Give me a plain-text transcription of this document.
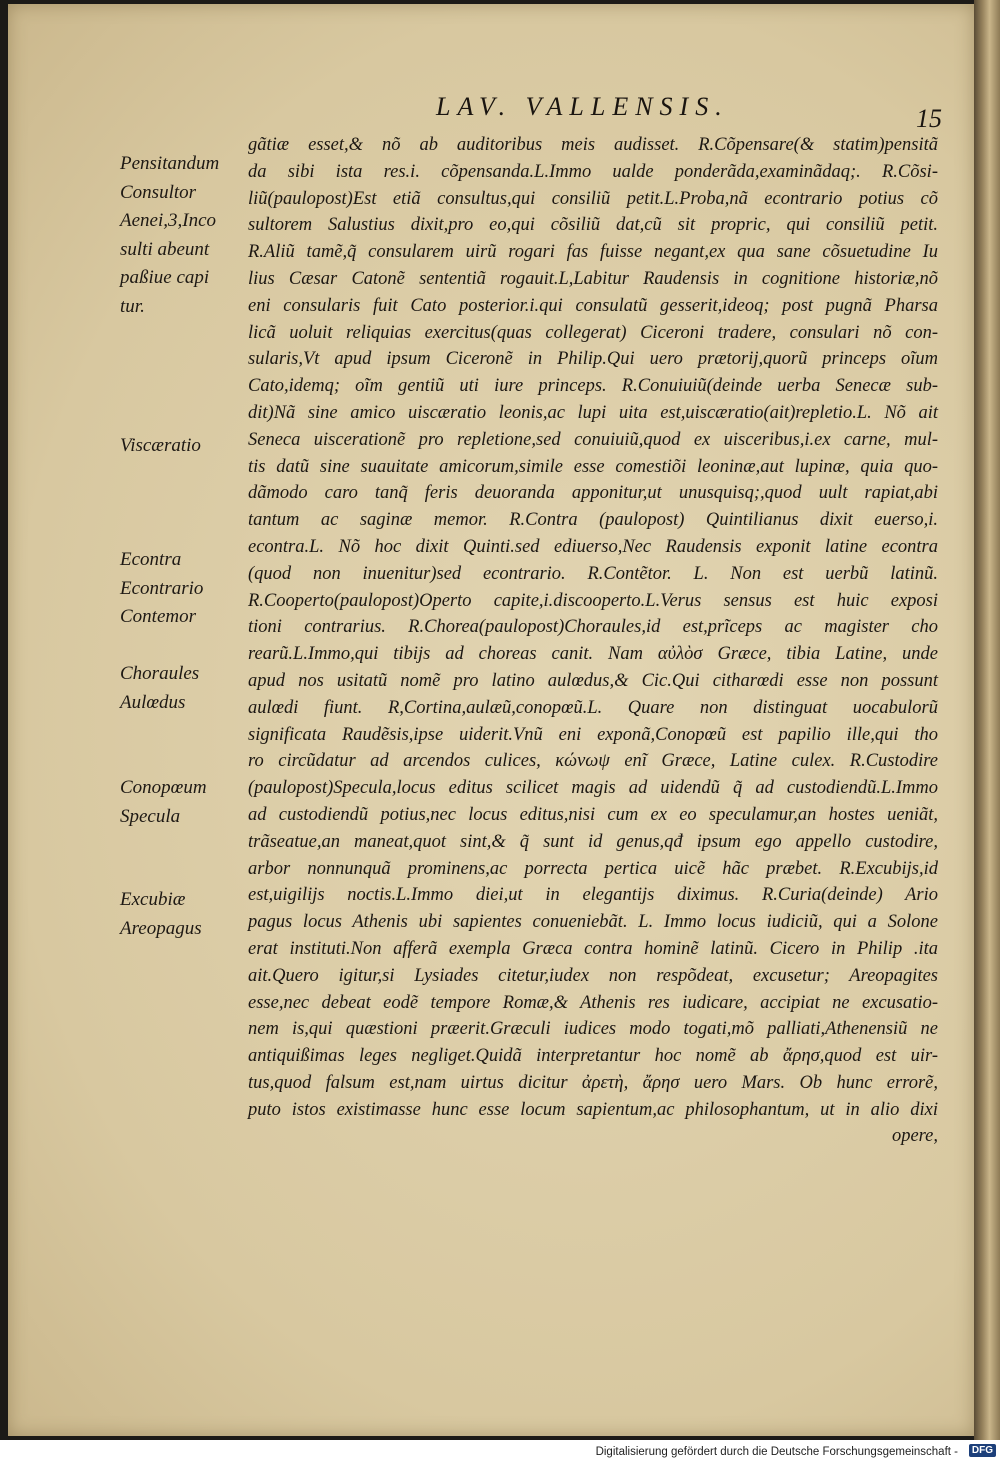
LAV. VALLENSIS.	15
Pensitandum
Consultor
Aenei,3,Inco
sulti abeunt
paßiue capi
tur.
Viscæratio
Econtra
Econtrario
Contemor
Choraules
Aulœdus
Conopœum
Specula
Excubiæ
Areopagus
gãtiæ esset,& nõ ab auditoribus meis audisset. R.Cõpensare(& statim)pensitã
da sibi ista res.i. cõpensanda.L.Immo ualde ponderãda,examinãdaq;. R.Cõsi-
liũ(paulopost)Est etiã consultus,qui consiliũ petit.L.Proba,nã econtrario potius cõ
sultorem Salustius dixit,pro eo,qui cõsiliũ dat,cũ sit propric, qui consiliũ petit.
R.Aliũ tamẽ,q̃ consularem uirũ rogari fas fuisse negant,ex qua sane cõsuetudine Iu
lius Cæsar Catonẽ sententiã rogauit.L,Labitur Raudensis in cognitione historiæ,nõ
eni consularis fuit Cato posterior.i.qui consulatũ gesserit,ideoq; post pugnã Pharsa
licã uoluit reliquias exercitus(quas collegerat) Ciceroni tradere, consulari nõ con-
sularis,Vt apud ipsum Ciceronẽ in Philip.Qui uero prætorij,quorũ princeps oĩum
Cato,idemq; oĩm gentiũ uti iure princeps. R.Conuiuiũ(deinde uerba Senecæ sub-
dit)Nã sine amico uiscæratio leonis,ac lupi uita est,uiscæratio(ait)repletio.L. Nõ ait
Seneca uiscerationẽ pro repletione,sed conuiuiũ,quod ex uisceribus,i.ex carne, mul-
tis datũ sine suauitate amicorum,simile esse comestiõi leoninæ,aut lupinæ, quia quo-
dãmodo caro tanq̃ feris deuoranda apponitur,ut unusquisq;,quod uult rapiat,abi
tantum ac saginæ memor. R.Contra (paulopost) Quintilianus dixit euerso,i.
econtra.L. Nõ hoc dixit Quinti.sed ediuerso,Nec Raudensis exponit latine econtra
(quod non inuenitur)sed econtrario. R.Contẽtor. L. Non est uerbũ latinũ.
R.Cooperto(paulopost)Operto capite,i.discooperto.L.Verus sensus est huic exposi
tioni contrarius. R.Chorea(paulopost)Choraules,id est,prĩceps ac magister cho
rearũ.L.Immo,qui tibijs ad choreas canit. Nam αὐλὸσ Græce, tibia Latine, unde
apud nos usitatũ nomẽ pro latino aulœdus,& Cic.Qui citharœdi esse non possunt
aulœdi fiunt. R,Cortina,aulæũ,conopœũ.L. Quare non distinguat uocabulorũ
significata Raudẽsis,ipse uiderit.Vnũ eni exponã,Conopœũ est papilio ille,qui tho
ro circũdatur ad arcendos culices, κώνωψ enĩ Græce, Latine culex. R.Custodire
(paulopost)Specula,locus editus scilicet magis ad uidendũ q̃ ad custodiendũ.L.Immo
ad custodiendũ potius,nec locus editus,nisi cum ex eo speculamur,an hostes ueniãt,
trãseatue,an maneat,quot sint,& q̃ sunt id genus,qđ ipsum ego appello custodire,
arbor nonnunquã prominens,ac porrecta pertica uicẽ hãc præbet. R.Excubijs,id
est,uigilijs noctis.L.Immo diei,ut in elegantijs diximus. R.Curia(deinde) Ario
pagus locus Athenis ubi sapientes conueniebãt. L. Immo locus iudiciũ, qui a Solone
erat instituti.Non afferã exempla Græca contra hominẽ latinũ. Cicero in Philip .ita
ait.Quero igitur,si Lysiades citetur,iudex non respõdeat, excusetur; Areopagites
esse,nec debeat eodẽ tempore Romæ,& Athenis res iudicare, accipiat ne excusatio-
nem is,qui quæstioni præerit.Græculi iudices modo togati,mõ palliati,Athenensiũ ne
antiquißimas leges negliget.Quidã interpretantur hoc nomẽ ab ἄρησ,quod est uir-
tus,quod falsum est,nam uirtus dicitur ἀρετὴ, ἄρησ uero Mars. Ob hunc errorẽ,
puto istos existimasse hunc esse locum sapientum,ac philosophantum, ut in alio dixi
opere,
Digitalisierung gefördert durch die Deutsche Forschungsgemeinschaft -	DFG
